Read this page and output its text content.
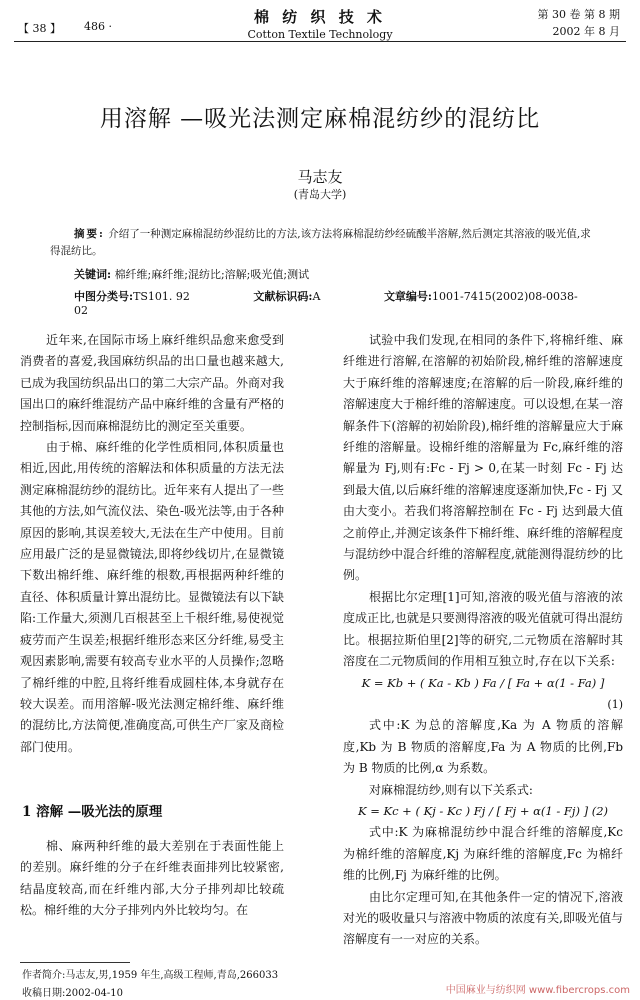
【 38 】 486 ·
棉 纺 织 技 术
Cotton Textile Technology
第 30 卷 第 8 期
2002 年 8 月
用溶解 —吸光法测定麻棉混纺纱的混纺比
马志友
(青岛大学)
摘要: 介绍了一种测定麻棉混纺纱混纺比的方法,该方法将麻棉混纺纱经硫酸半溶解,然后测定其溶液的吸光值,求得混纺比。
关键词: 棉纤维;麻纤维;混纺比;溶解;吸光值;测试
中图分类号:TS101. 92	文献标识码:A	文章编号:1001-7415(2002)08-0038-02

近年来,在国际市场上麻纤维织品愈来愈受到消费者的喜爱,我国麻纺织品的出口量也越来越大,已成为我国纺织品出口的第二大宗产品。外商对我国出口的麻纤维混纺产品中麻纤维的含量有严格的控制指标,因而麻棉混纺比的测定至关重要。

由于棉、麻纤维的化学性质相同,体积质量也相近,因此,用传统的溶解法和体积质量的方法无法测定麻棉混纺纱的混纺比。近年来有人提出了一些其他的方法,如气流仪法、染色-吸光法等,由于各种原因的影响,其误差较大,无法在生产中使用。目前应用最广泛的是显微镜法,即将纱线切片,在显微镜下数出棉纤维、麻纤维的根数,再根据两种纤维的直径、体积质量计算出混纺比。显微镜法有以下缺陷:工作量大,须测几百根甚至上千根纤维,易使视觉疲劳而产生误差;根据纤维形态来区分纤维,易受主观因素影响,需要有较高专业水平的人员操作;忽略了棉纤维的中腔,且将纤维看成圆柱体,本身就存在较大误差。而用溶解-吸光法测定棉纤维、麻纤维的混纺比,方法简便,准确度高,可供生产厂家及商检部门使用。

1 溶解 —吸光法的原理

棉、麻两种纤维的最大差别在于表面性能上的差别。麻纤维的分子在纤维表面排列比较紧密,结晶度较高,而在纤维内部,大分子排列却比较疏松。棉纤维的大分子排列内外比较均匀。在

试验中我们发现,在相同的条件下,将棉纤维、麻纤维进行溶解,在溶解的初始阶段,棉纤维的溶解速度大于麻纤维的溶解速度;在溶解的后一阶段,麻纤维的溶解速度大于棉纤维的溶解速度。可以设想,在某一溶解条件下(溶解的初始阶段),棉纤维的溶解量应大于麻纤维的溶解量。设棉纤维的溶解量为 Fc,麻纤维的溶解量为 Fj,则有:Fc - Fj > 0,在某一时刻 Fc - Fj 达到最大值,以后麻纤维的溶解速度逐渐加快,Fc - Fj 又由大变小。若我们将溶解控制在 Fc - Fj 达到最大值之前停止,并测定该条件下棉纤维、麻纤维的溶解程度与混纺纱中混合纤维的溶解程度,就能测得混纺纱的比例。

根据比尔定理[1]可知,溶液的吸光值与溶液的浓度成正比,也就是只要测得溶液的吸光值就可得出混纺比。根据拉斯伯里[2]等的研究,二元物质在溶解时其溶度在二元物质间的作用相互独立时,存在以下关系:

K = Kb + ( Ka - Kb ) Fa / [ Fa + α(1 - Fa) ]

(1)

式中:K 为总的溶解度,Ka 为 A 物质的溶解度,Kb 为 B 物质的溶解度,Fa 为 A 物质的比例,Fb 为 B 物质的比例,α 为系数。

对麻棉混纺纱,则有以下关系式:

K = Kc + ( Kj - Kc ) Fj / [ Fj + α(1 - Fj) ] (2)

式中:K 为麻棉混纺纱中混合纤维的溶解度,Kc 为棉纤维的溶解度,Kj 为麻纤维的溶解度,Fc 为棉纤维的比例,Fj 为麻纤维的比例。

由比尔定理可知,在其他条件一定的情况下,溶液对光的吸收量只与溶液中物质的浓度有关,即吸光值与溶解度有一一对应的关系。

作者简介:马志友,男,1959 年生,高级工程师,青岛,266033
收稿日期:2002-04-10	中国麻业与纺织网 www.fibercrops.com
